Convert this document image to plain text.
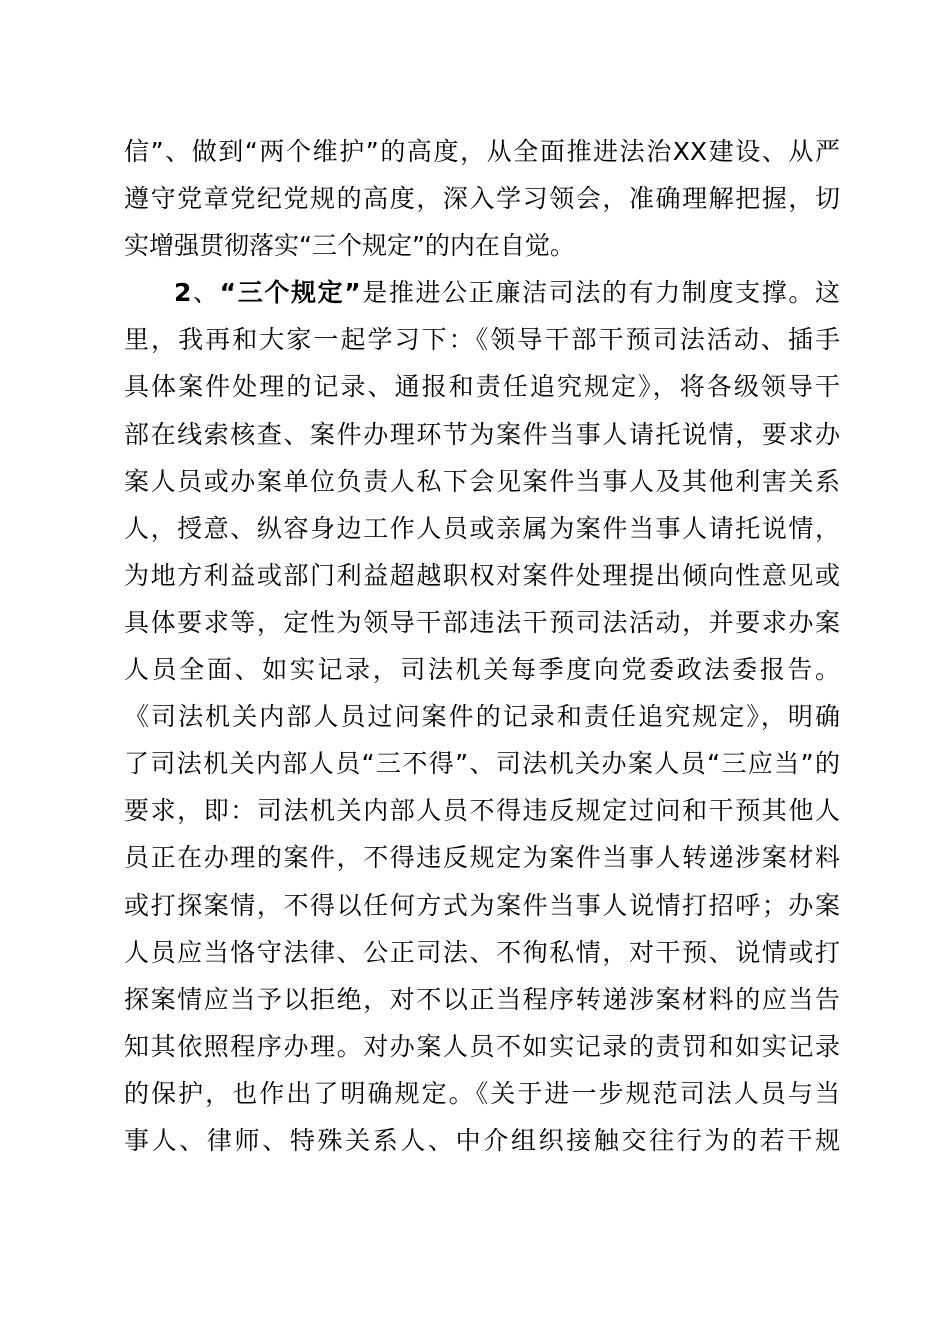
信”、做到“两个维护”的高度，从全面推进法治XX建设、从严
遵守党章党纪党规的高度，深入学习领会，准确理解把握，切
实增强贯彻落实“三个规定”的内在自觉。
2、“三个规定”是推进公正廉洁司法的有力制度支撑。这
里，我再和大家一起学习下：《领导干部干预司法活动、插手
具体案件处理的记录、通报和责任追究规定》，将各级领导干
部在线索核查、案件办理环节为案件当事人请托说情，要求办
案人员或办案单位负责人私下会见案件当事人及其他利害关系
人，授意、纵容身边工作人员或亲属为案件当事人请托说情，
为地方利益或部门利益超越职权对案件处理提出倾向性意见或
具体要求等，定性为领导干部违法干预司法活动，并要求办案
人员全面、如实记录，司法机关每季度向党委政法委报告。
《司法机关内部人员过问案件的记录和责任追究规定》，明确
了司法机关内部人员“三不得”、司法机关办案人员“三应当”的
要求，即：司法机关内部人员不得违反规定过问和干预其他人
员正在办理的案件，不得违反规定为案件当事人转递涉案材料
或打探案情，不得以任何方式为案件当事人说情打招呼；办案
人员应当恪守法律、公正司法、不徇私情，对干预、说情或打
探案情应当予以拒绝，对不以正当程序转递涉案材料的应当告
知其依照程序办理。对办案人员不如实记录的责罚和如实记录
的保护，也作出了明确规定。《关于进一步规范司法人员与当
事人、律师、特殊关系人、中介组织接触交往行为的若干规
